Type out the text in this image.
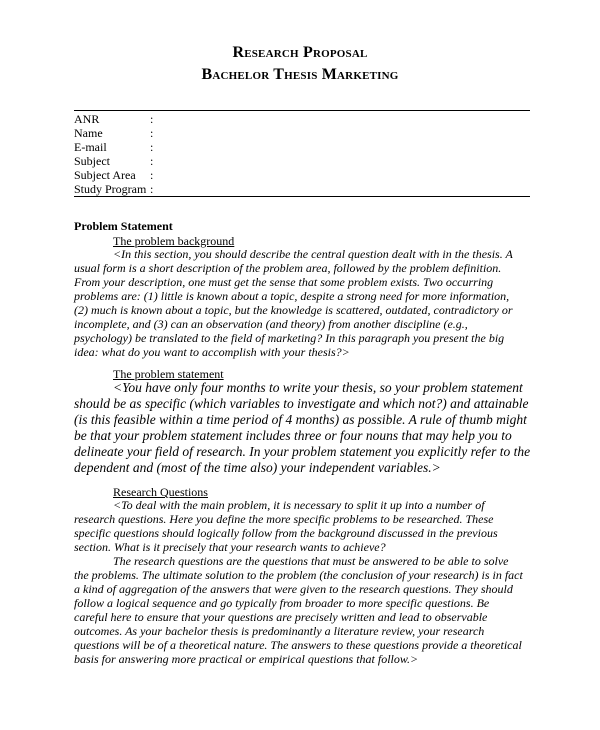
Research Proposal
Bachelor Thesis Marketing
ANR	:
Name	:
E-mail	:
Subject	:
Subject Area :
Study Program :
Problem Statement
The problem background
<In this section, you should describe the central question dealt with in the thesis. A
usual form is a short description of the problem area, followed by the problem definition.
From your description, one must get the sense that some problem exists. Two occurring
problems are: (1) little is known about a topic, despite a strong need for more information,
(2) much is known about a topic, but the knowledge is scattered, outdated, contradictory or
incomplete, and (3) can an observation (and theory) from another discipline (e.g.,
psychology) be translated to the field of marketing? In this paragraph you present the big
idea: what do you want to accomplish with your thesis?>
The problem statement
<You have only four months to write your thesis, so your problem statement
should be as specific (which variables to investigate and which not?) and attainable
(is this feasible within a time period of 4 months) as possible. A rule of thumb might
be that your problem statement includes three or four nouns that may help you to
delineate your field of research. In your problem statement you explicitly refer to the
dependent and (most of the time also) your independent variables.>
Research Questions
<To deal with the main problem, it is necessary to split it up into a number of
research questions. Here you define the more specific problems to be researched. These
specific questions should logically follow from the background discussed in the previous
section. What is it precisely that your research wants to achieve?
The research questions are the questions that must be answered to be able to solve
the problems. The ultimate solution to the problem (the conclusion of your research) is in fact
a kind of aggregation of the answers that were given to the research questions. They should
follow a logical sequence and go typically from broader to more specific questions. Be
careful here to ensure that your questions are precisely written and lead to observable
outcomes. As your bachelor thesis is predominantly a literature review, your research
questions will be of a theoretical nature. The answers to these questions provide a theoretical
basis for answering more practical or empirical questions that follow.>
